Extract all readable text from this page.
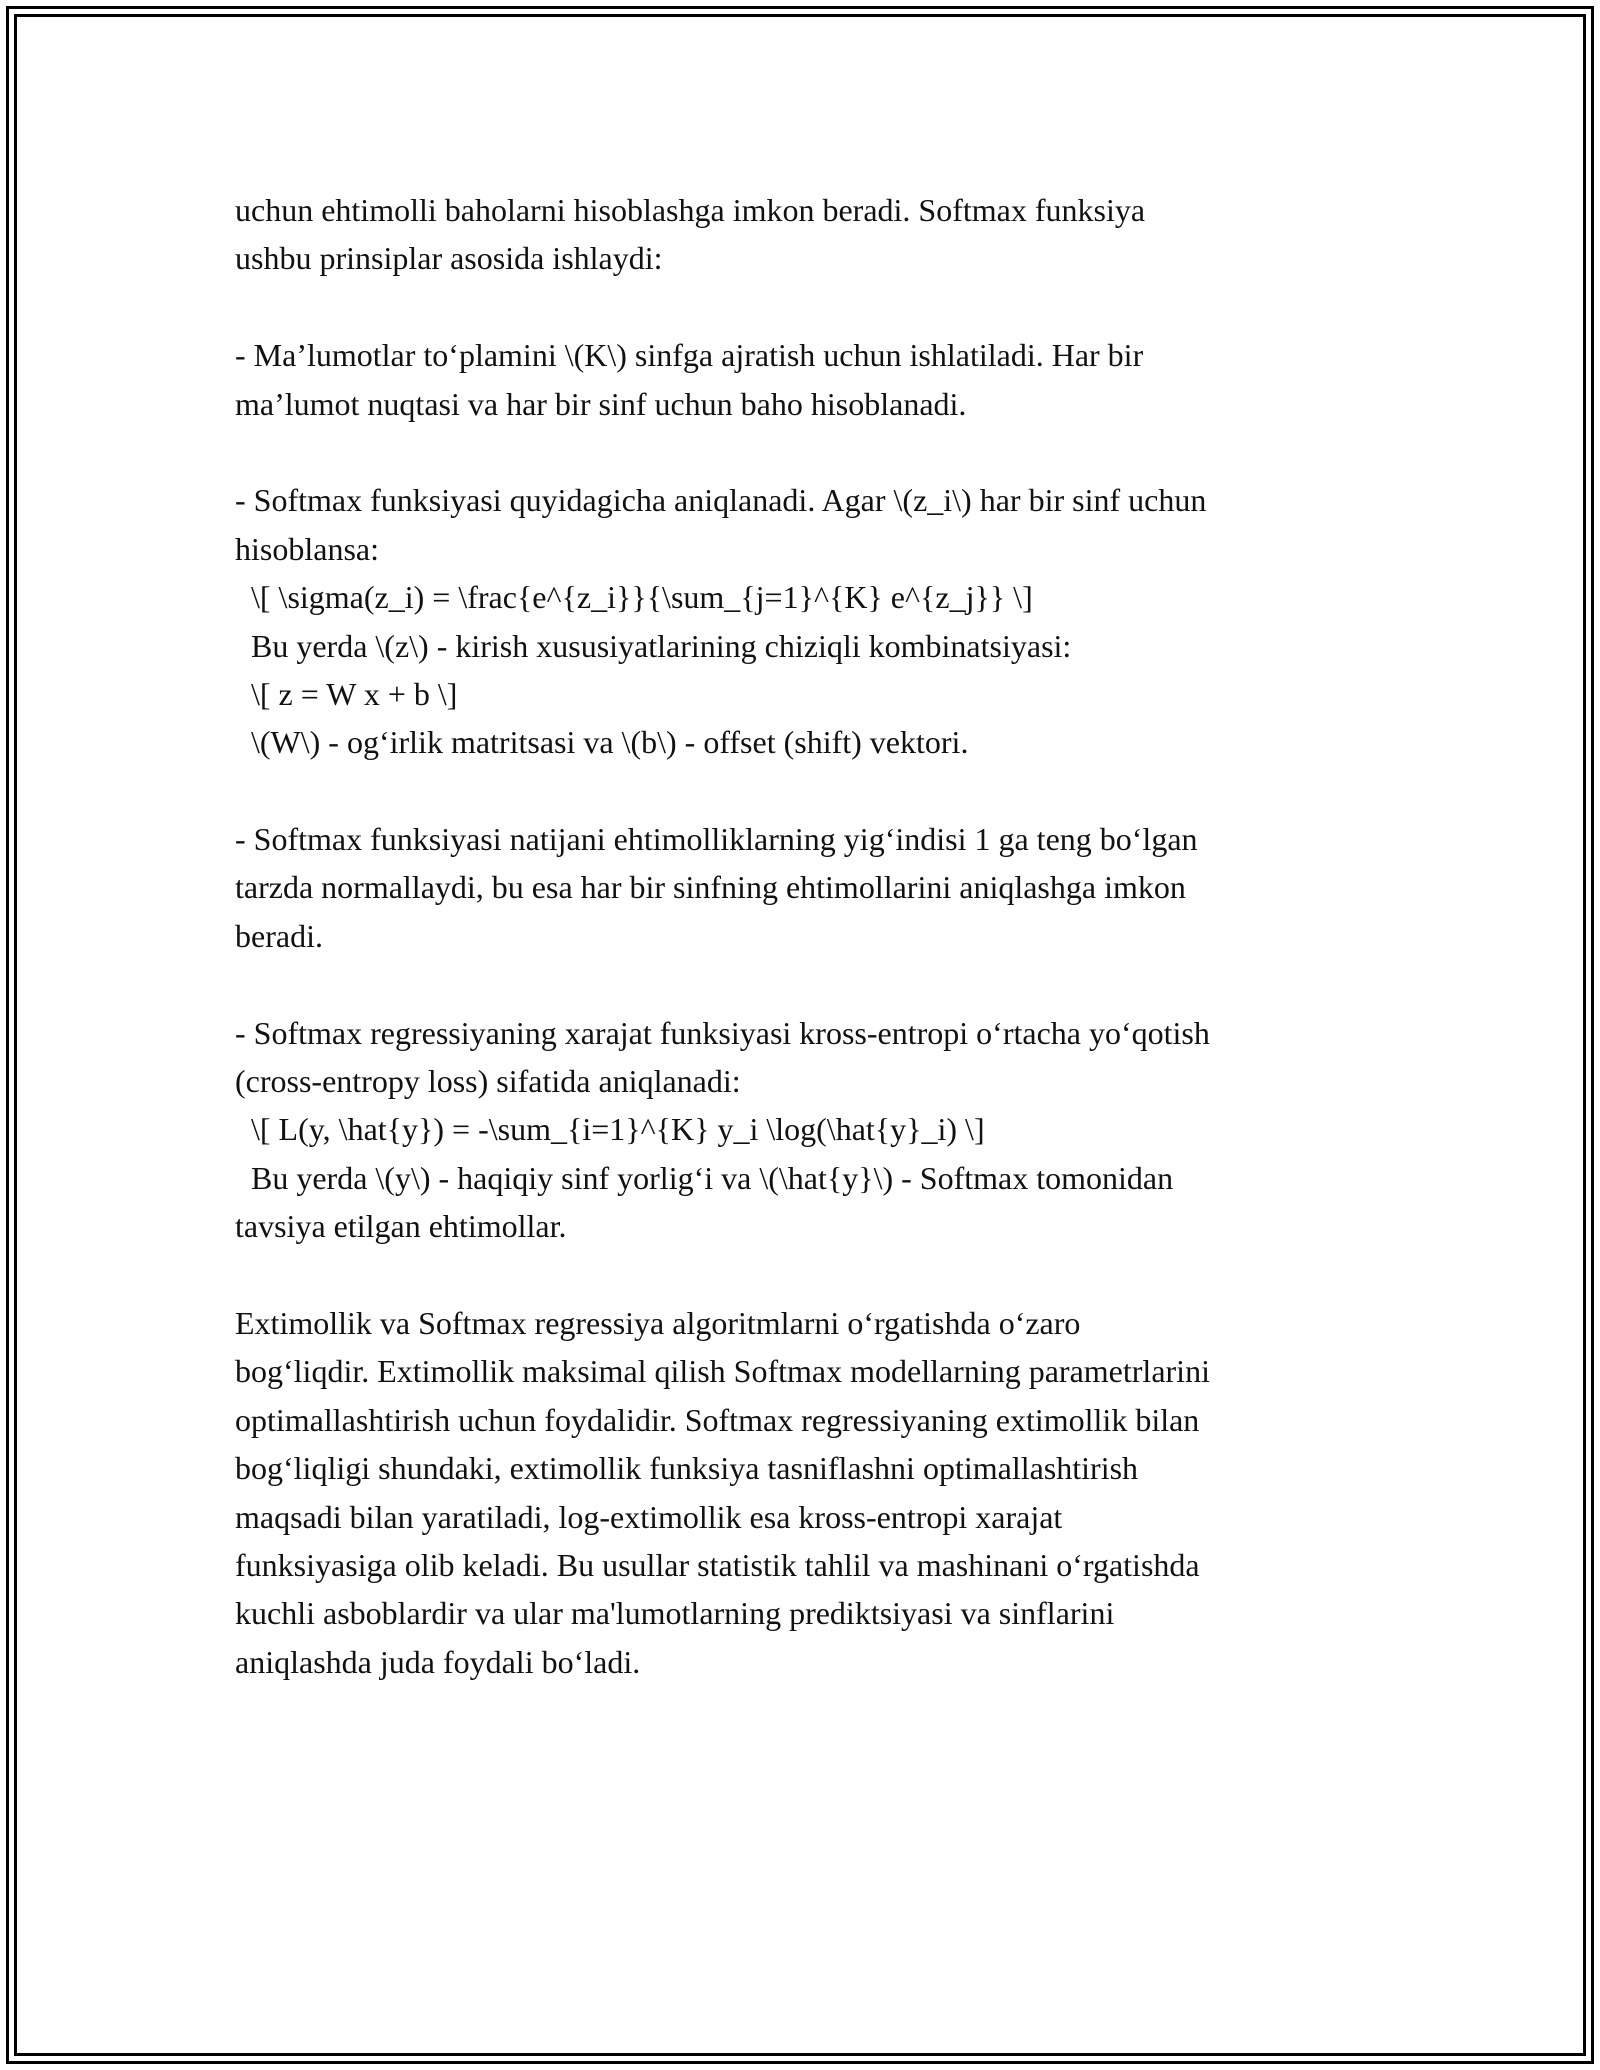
uchun ehtimolli baholarni hisoblashga imkon beradi. Softmax funksiya
ushbu prinsiplar asosida ishlaydi:
- Ma’lumotlar to‘plamini \(K\) sinfga ajratish uchun ishlatiladi. Har bir
ma’lumot nuqtasi va har bir sinf uchun baho hisoblanadi.
- Softmax funksiyasi quyidagicha aniqlanadi. Agar \(z_i\) har bir sinf uchun
hisoblansa:
\[ \sigma(z_i) = \frac{e^{z_i}}{\sum_{j=1}^{K} e^{z_j}} \]
Bu yerda \(z\) - kirish xususiyatlarining chiziqli kombinatsiyasi:
\[ z = W x + b \]
\(W\) - og‘irlik matritsasi va \(b\) - offset (shift) vektori.
- Softmax funksiyasi natijani ehtimolliklarning yig‘indisi 1 ga teng bo‘lgan
tarzda normallaydi, bu esa har bir sinfning ehtimollarini aniqlashga imkon
beradi.
- Softmax regressiyaning xarajat funksiyasi kross-entropi o‘rtacha yo‘qotish
(cross-entropy loss) sifatida aniqlanadi:
\[ L(y, \hat{y}) = -\sum_{i=1}^{K} y_i \log(\hat{y}_i) \]
Bu yerda \(y\) - haqiqiy sinf yorlig‘i va \(\hat{y}\) - Softmax tomonidan
tavsiya etilgan ehtimollar.
Extimollik va Softmax regressiya algoritmlarni o‘rgatishda o‘zaro
bog‘liqdir. Extimollik maksimal qilish Softmax modellarning parametrlarini
optimallashtirish uchun foydalidir. Softmax regressiyaning extimollik bilan
bog‘liqligi shundaki, extimollik funksiya tasniflashni optimallashtirish
maqsadi bilan yaratiladi, log-extimollik esa kross-entropi xarajat
funksiyasiga olib keladi. Bu usullar statistik tahlil va mashinani o‘rgatishda
kuchli asboblardir va ular ma'lumotlarning prediktsiyasi va sinflarini
aniqlashda juda foydali bo‘ladi.
